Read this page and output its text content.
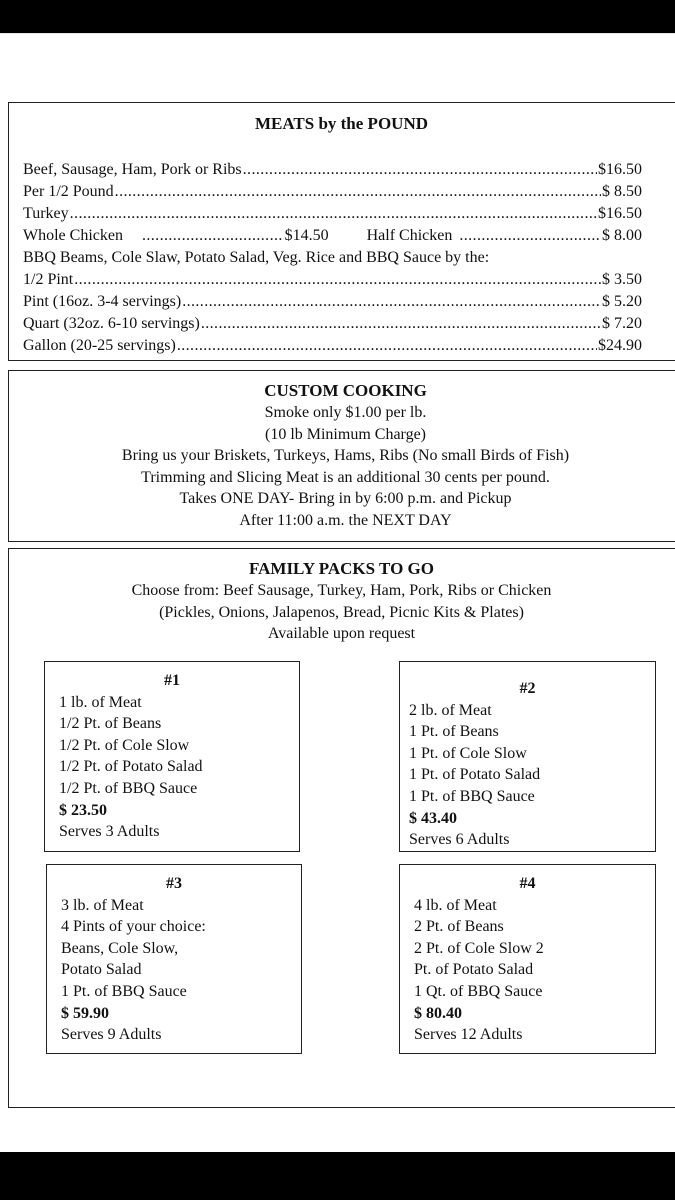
MEATS by the POUND
Beef, Sausage, Ham, Pork or Ribs .....	$16.50
Per 1/2 Pound .....	$ 8.50
Turkey .....	$16.50
Whole Chicken .....	$14.50 Half Chicken .....	$ 8.00
BBQ Beams, Cole Slaw, Potato Salad, Veg. Rice and BBQ Sauce by the:
1/2 Pint .....	$ 3.50
Pint (16oz. 3-4 servings) .....	$ 5.20
Quart (32oz. 6-10 servings) .....	$ 7.20
Gallon (20-25 servings) .....	$24.90
CUSTOM COOKING
Smoke only $1.00 per lb.
(10 lb Minimum Charge)
Bring us your Briskets, Turkeys, Hams, Ribs (No small Birds of Fish)
Trimming and Slicing Meat is an additional 30 cents per pound.
Takes ONE DAY- Bring in by 6:00 p.m. and Pickup
After 11:00 a.m. the NEXT DAY
FAMILY PACKS TO GO
Choose from: Beef Sausage, Turkey, Ham, Pork, Ribs or Chicken
(Pickles, Onions, Jalapenos, Bread, Picnic Kits & Plates)
Available upon request
#1
1 lb. of Meat
1/2 Pt. of Beans
1/2 Pt. of Cole Slow
1/2 Pt. of Potato Salad
1/2 Pt. of BBQ Sauce
$ 23.50
Serves 3 Adults
#2
2 lb. of Meat
1 Pt. of Beans
1 Pt. of Cole Slow
1 Pt. of Potato Salad
1 Pt. of BBQ Sauce
$ 43.40
Serves 6 Adults
#3
3 lb. of Meat
4 Pints of your choice:
Beans, Cole Slow,
Potato Salad
1 Pt. of BBQ Sauce
$ 59.90
Serves 9 Adults
#4
4 lb. of Meat
2 Pt. of Beans
2 Pt. of Cole Slow 2
Pt. of Potato Salad
1 Qt. of BBQ Sauce
$ 80.40
Serves 12 Adults
